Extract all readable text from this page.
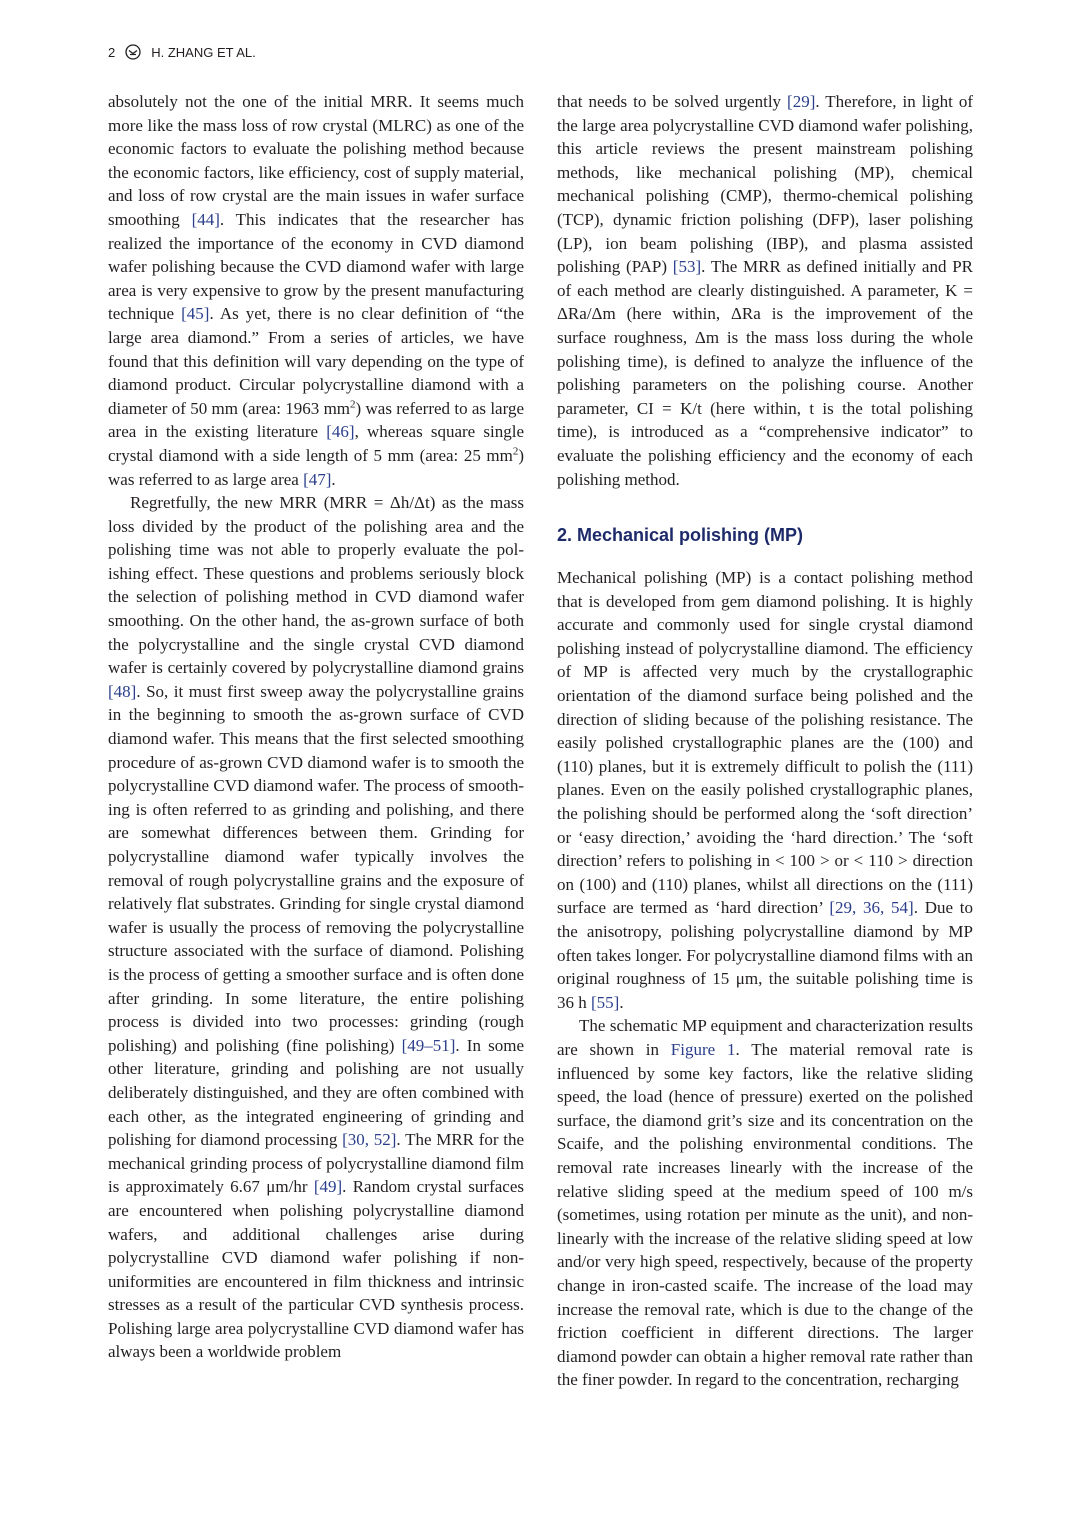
2	H. ZHANG ET AL.

absolutely not the one of the initial MRR. It seems much more like the mass loss of row crystal (MLRC) as one of the economic factors to evaluate the polishing method because the economic factors, like efficiency, cost of supply material, and loss of row crystal are the main issues in wafer surface smoothing [44]. This indicates that the researcher has realized the importance of the economy in CVD diamond wafer polishing because the CVD diamond wafer with large area is very expensive to grow by the present manufacturing technique [45]. As yet, there is no clear definition of “the large area diamond.” From a series of articles, we have found that this definition will vary depending on the type of diamond product. Circular polycrystalline diamond with a diameter of 50 mm (area: 1963 $mm^2$) was referred to as large area in the existing literature [46], whereas square single crystal diamond with a side length of 5 mm (area: 25 $mm^2$) was referred to as large area [47].

Regretfully, the new MRR (MRR = Δh/Δt) as the mass loss divided by the product of the polishing area and the polishing time was not able to properly evaluate the polishing effect. These questions and problems seriously block the selection of polishing method in CVD diamond wafer smoothing. On the other hand, the as-grown surface of both the polycrystalline and the single crystal CVD diamond wafer is certainly covered by polycrystalline diamond grains [48]. So, it must first sweep away the polycrystalline grains in the beginning to smooth the as-grown surface of CVD diamond wafer. This means that the first selected smoothing procedure of as-grown CVD diamond wafer is to smooth the polycrystalline CVD diamond wafer. The process of smoothing is often referred to as grinding and polishing, and there are somewhat differences between them. Grinding for polycrystalline diamond wafer typically involves the removal of rough polycrystalline grains and the exposure of relatively flat substrates. Grinding for single crystal diamond wafer is usually the process of removing the polycrystalline structure associated with the surface of diamond. Polishing is the process of getting a smoother surface and is often done after grinding. In some literature, the entire polishing process is divided into two processes: grinding (rough polishing) and polishing (fine polishing) [49–51]. In some other literature, grinding and polishing are not usually deliberately distinguished, and they are often combined with each other, as the integrated engineering of grinding and polishing for diamond processing [30, 52]. The MRR for the mechanical grinding process of polycrystalline diamond film is approximately 6.67 μm/hr [49]. Random crystal surfaces are encountered when polishing polycrystalline diamond wafers, and additional challenges arise during polycrystalline CVD diamond wafer polishing if non-uniformities are encountered in film thickness and intrinsic stresses as a result of the particular CVD synthesis process. Polishing large area polycrystalline CVD diamond wafer has always been a worldwide problem

that needs to be solved urgently [29]. Therefore, in light of the large area polycrystalline CVD diamond wafer polishing, this article reviews the present mainstream polishing methods, like mechanical polishing (MP), chemical mechanical polishing (CMP), thermo-chemical polishing (TCP), dynamic friction polishing (DFP), laser polishing (LP), ion beam polishing (IBP), and plasma assisted polishing (PAP) [53]. The MRR as defined initially and PR of each method are clearly distinguished. A parameter, K = ΔRa/Δm (here within, ΔRa is the improvement of the surface roughness, Δm is the mass loss during the whole polishing time), is defined to analyze the influence of the polishing parameters on the polishing course. Another parameter, CI = K/t (here within, t is the total polishing time), is introduced as a “comprehensive indicator” to evaluate the polishing efficiency and the economy of each polishing method.

2. Mechanical polishing (MP)

Mechanical polishing (MP) is a contact polishing method that is developed from gem diamond polishing. It is highly accurate and commonly used for single crystal diamond polishing instead of polycrystalline diamond. The efficiency of MP is affected very much by the crystallographic orientation of the diamond surface being polished and the direction of sliding because of the polishing resistance. The easily polished crystallographic planes are the (100) and (110) planes, but it is extremely difficult to polish the (111) planes. Even on the easily polished crystallographic planes, the polishing should be performed along the ‘soft direction’ or ‘easy direction,’ avoiding the ‘hard direction.’ The ‘soft direction’ refers to polishing in < 100 > or < 110 > direction on (100) and (110) planes, whilst all directions on the (111) surface are termed as ‘hard direction’ [29, 36, 54]. Due to the anisotropy, polishing polycrystalline diamond by MP often takes longer. For polycrystalline diamond films with an original roughness of 15 μm, the suitable polishing time is 36 h [55].

The schematic MP equipment and characterization results are shown in Figure 1. The material removal rate is influenced by some key factors, like the relative sliding speed, the load (hence of pressure) exerted on the polished surface, the diamond grit’s size and its concentration on the Scaife, and the polishing environmental conditions. The removal rate increases linearly with the increase of the relative sliding speed at the medium speed of 100 m/s (sometimes, using rotation per minute as the unit), and non-linearly with the increase of the relative sliding speed at low and/or very high speed, respectively, because of the property change in iron-casted scaife. The increase of the load may increase the removal rate, which is due to the change of the friction coefficient in different directions. The larger diamond powder can obtain a higher removal rate rather than the finer powder. In regard to the concentration, recharging
